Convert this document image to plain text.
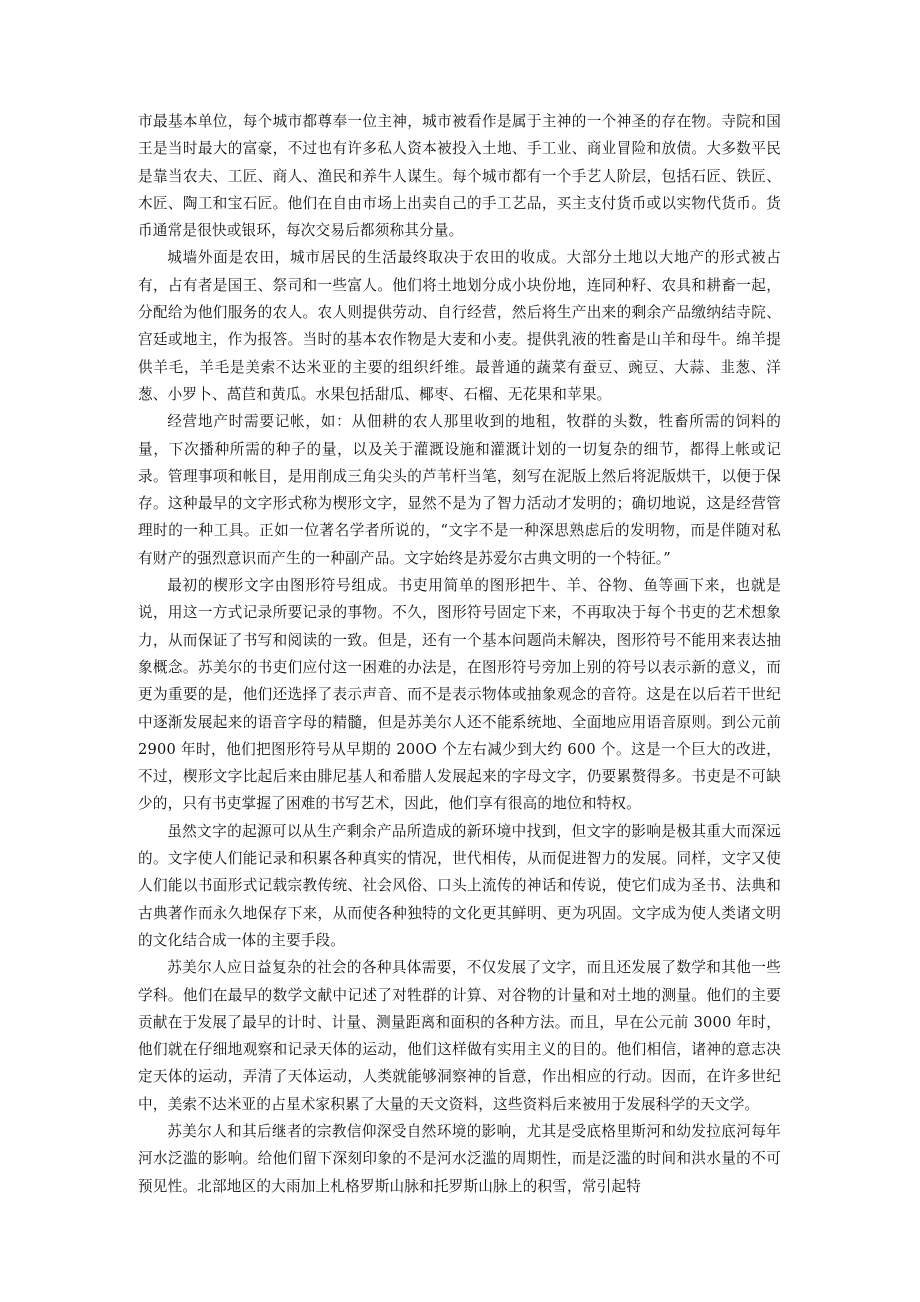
市最基本单位，每个城市都尊奉一位主神，城市被看作是属于主神的一个神圣的存在物。寺院和国王是当时最大的富豪，不过也有许多私人资本被投入土地、手工业、商业冒险和放债。大多数平民是靠当农夫、工匠、商人、渔民和养牛人谋生。每个城市都有一个手艺人阶层，包括石匠、铁匠、木匠、陶工和宝石匠。他们在自由市场上出卖自己的手工艺品，买主支付货币或以实物代货币。货币通常是很快或银环，每次交易后都须称其分量。

城墙外面是农田，城市居民的生活最终取决于农田的收成。大部分土地以大地产的形式被占有，占有者是国王、祭司和一些富人。他们将土地划分成小块份地，连同种籽、农具和耕畜一起，分配给为他们服务的农人。农人则提供劳动、自行经营，然后将生产出来的剩余产品缴纳结寺院、宫廷或地主，作为报答。当时的基本农作物是大麦和小麦。提供乳液的牲畜是山羊和母牛。绵羊提供羊毛，羊毛是美索不达米亚的主要的组织纤维。最普通的蔬菜有蚕豆、豌豆、大蒜、韭葱、洋葱、小罗卜、萵苣和黄瓜。水果包括甜瓜、椰枣、石榴、无花果和苹果。

经营地产时需要记帐，如：从佃耕的农人那里收到的地租，牧群的头数，牲畜所需的饲料的量，下次播种所需的种子的量，以及关于灌溉设施和灌溉计划的一切复杂的细节，都得上帐或记录。管理事项和帐目，是用削成三角尖头的芦苇杆当笔，刻写在泥版上然后将泥版烘干，以便于保存。这种最早的文字形式称为楔形文字，显然不是为了智力活动才发明的；确切地说，这是经营管理时的一种工具。正如一位著名学者所说的，“文字不是一种深思熟虑后的发明物，而是伴随对私有财产的强烈意识而产生的一种副产品。文字始终是苏爱尔古典文明的一个特征。”

最初的楔形文字由图形符号组成。书吏用简单的图形把牛、羊、谷物、鱼等画下来，也就是说，用这一方式记录所要记录的事物。不久，图形符号固定下来，不再取决于每个书吏的艺术想象力，从而保证了书写和阅读的一致。但是，还有一个基本问题尚未解决，图形符号不能用来表达抽象概念。苏美尔的书吏们应付这一困难的办法是，在图形符号旁加上别的符号以表示新的意义，而更为重要的是，他们还选择了表示声音、而不是表示物体或抽象观念的音符。这是在以后若干世纪中逐渐发展起来的语音字母的精髓，但是苏美尔人还不能系统地、全面地应用语音原则。到公元前 2900 年时，他们把图形符号从早期的 200O 个左右减少到大约 600 个。这是一个巨大的改进，不过，楔形文字比起后来由腓尼基人和希腊人发展起来的字母文字，仍要累赘得多。书吏是不可缺少的，只有书吏掌握了困难的书写艺术，因此，他们享有很高的地位和特权。

虽然文字的起源可以从生产剩余产品所造成的新环境中找到，但文字的影响是极其重大而深远的。文字使人们能记录和积累各种真实的情况，世代相传，从而促进智力的发展。同样，文字又使人们能以书面形式记载宗教传统、社会风俗、口头上流传的神话和传说，使它们成为圣书、法典和古典著作而永久地保存下来，从而使各种独特的文化更其鲜明、更为巩固。文字成为使人类诸文明的文化结合成一体的主要手段。

苏美尔人应日益复杂的社会的各种具体需要，不仅发展了文字，而且还发展了数学和其他一些学科。他们在最早的数学文献中记述了对牲群的计算、对谷物的计量和对土地的测量。他们的主要贡献在于发展了最早的计时、计量、测量距离和面积的各种方法。而且，早在公元前 3000 年时，他们就在仔细地观察和记录天体的运动，他们这样做有实用主义的目的。他们相信，诸神的意志决定天体的运动，弄清了天体运动，人类就能够洞察神的旨意，作出相应的行动。因而，在许多世纪中，美索不达米亚的占星术家积累了大量的天文资料，这些资料后来被用于发展科学的天文学。

苏美尔人和其后继者的宗教信仰深受自然环境的影响，尤其是受底格里斯河和幼发拉底河每年河水泛滥的影响。给他们留下深刻印象的不是河水泛滥的周期性，而是泛滥的时间和洪水量的不可预见性。北部地区的大雨加上札格罗斯山脉和托罗斯山脉上的积雪，常引起特
